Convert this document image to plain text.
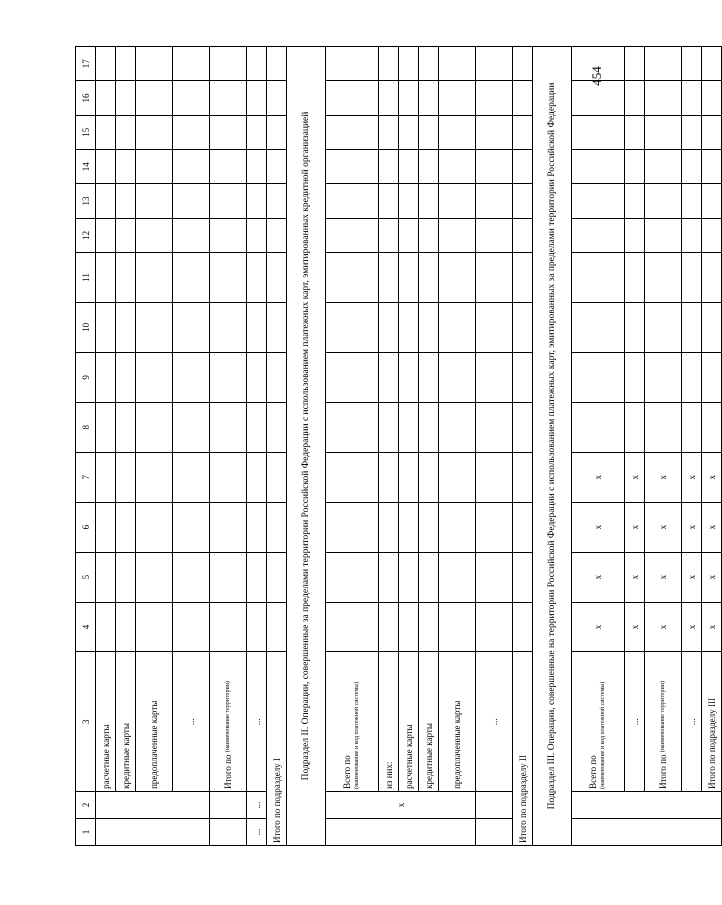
454
1	2	3	4	5	6	7	8	9	10	11	12	13	14	15	16	17
		расчетные карты														
		кредитные карты														
		предоплаченные карты														
		...														
		Итого по (наименование территории)														
...	...	...														
Итого по подразделу I																
Подраздел II. Операции, совершенные за пределами территории Российской Федерации с использованием платежных карт, эмитированных кредитной организацией																
	х	Всего по (наименование и код платежной системы)														
		из них:														
		расчетные карты														
		кредитные карты														
		предоплаченные карты														
		...														
Итого по подразделу II																
Подраздел III. Операции, совершенные на территории Российской Федерации с использованием платежных карт, эмитированных за пределами территории Российской Федерации																
		Всего по (наименование и код платежной системы)	х	х	х	х										
		...	х	х	х	х										
		Итого по (наименование территории)	х	х	х	х										
		...	х	х	х	х										
		Итого по подразделу III	х	х	х	х										
